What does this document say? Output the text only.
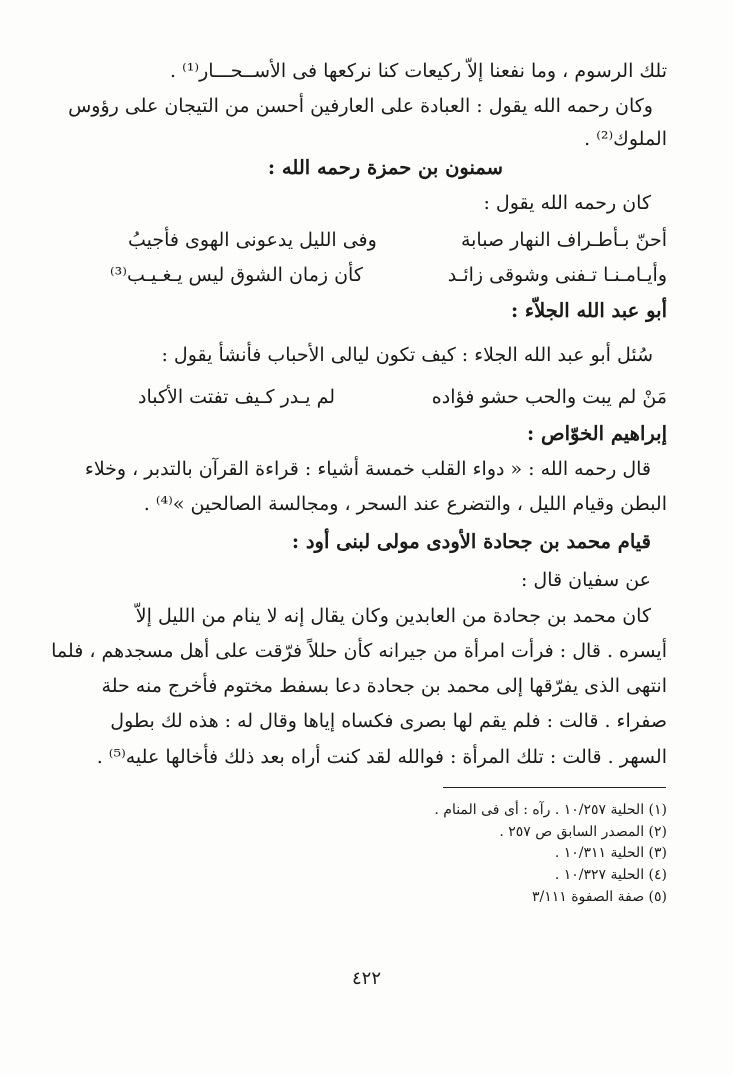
تلك الرسوم ، وما نفعنا إلاّ ركيعات كنا نركعها فى الأســحـــار⁽¹⁾ .
وكان رحمه الله يقول : العبادة على العارفين أحسن من التيجان على رؤوس
الملوك⁽²⁾ .
سمنون بن حمزة رحمه الله :
كان رحمه الله يقول :
أحنّ بـأطـراف النهار صبابة
وفى الليل يدعونى الهوى فأجيبُ
وأيـامـنـا تـفنى وشوقى زائـد
كأن زمان الشوق ليس يـغـيـب⁽³⁾
أبو عبد الله الجلاّء :
سُئل أبو عبد الله الجلاء : كيف تكون ليالى الأحباب فأنشأ يقول :
مَنْ لم يبت والحب حشو فؤاده
لم يـدر كـيف تفتت الأكباد
إبراهيم الخوّاص :
قال رحمه الله : « دواء القلب خمسة أشياء : قراءة القرآن بالتدبر ، وخلاء
البطن وقيام الليل ، والتضرع عند السحر ، ومجالسة الصالحين »⁽⁴⁾ .
قيام محمد بن جحادة الأودى مولى لبنى أود :
عن سفيان قال :
كان محمد بن جحادة من العابدين وكان يقال إنه لا ينام من الليل إلاّ
أيسره . قال : فرأت امرأة من جيرانه كأن حللاً فرّقت على أهل مسجدهم ، فلما
انتهى الذى يفرّقها إلى محمد بن جحادة دعا بسفط مختوم فأخرج منه حلة
صفراء . قالت : فلم يقم لها بصرى فكساه إياها وقال له : هذه لك بطول
السهر . قالت : تلك المرأة : فوالله لقد كنت أراه بعد ذلك فأخالها عليه⁽⁵⁾ .
(١) الحلية ١٠/٢٥٧ . رآه : أى فى المنام .
(٢) المصدر السابق ص ٢٥٧ .
(٣) الحلية ١٠/٣١١ .
(٤) الحلية ١٠/٣٢٧ .
(٥) صفة الصفوة ٣/١١١
٤٢٢
